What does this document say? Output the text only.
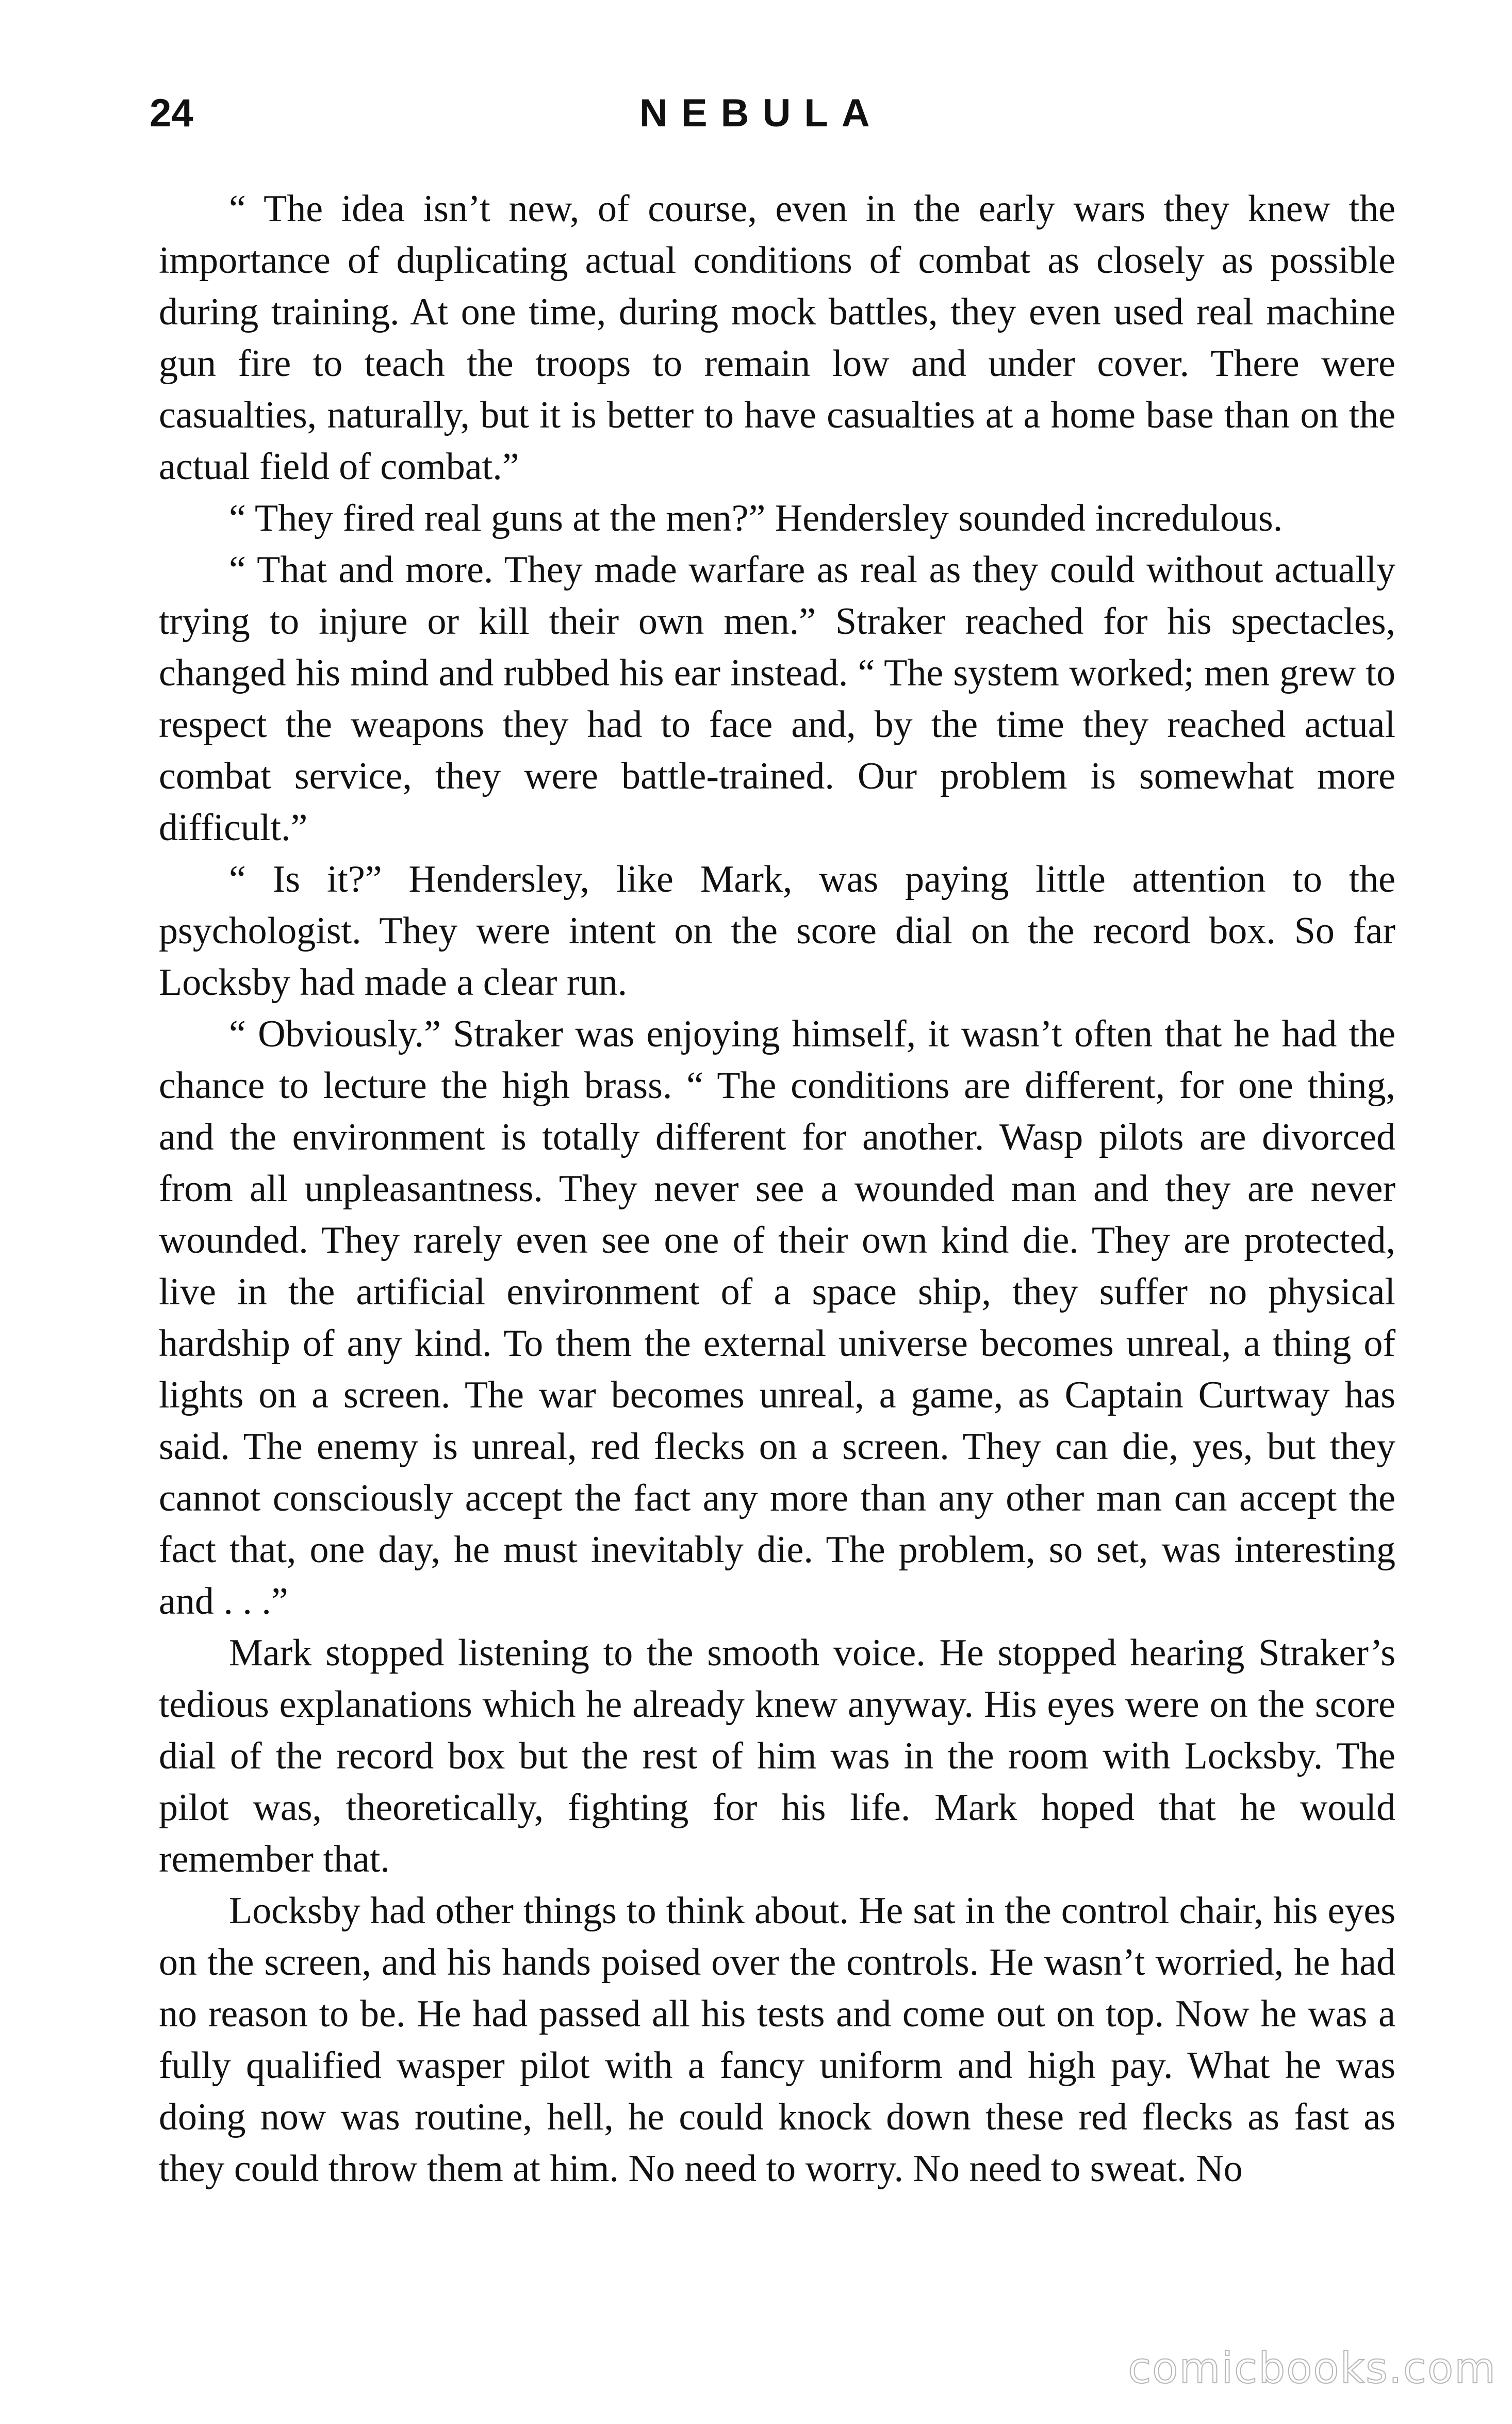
24	NEBULA

“ The idea isn’t new, of course, even in the early wars they knew the importance of duplicating actual conditions of combat as closely as possible during training. At one time, during mock battles, they even used real machine gun fire to teach the troops to remain low and under cover. There were casualties, naturally, but it is better to have casualties at a home base than on the actual field of combat.”

“ They fired real guns at the men?” Hendersley sounded incredulous.

“ That and more. They made warfare as real as they could without actually trying to injure or kill their own men.” Straker reached for his spectacles, changed his mind and rubbed his ear instead. “ The system worked; men grew to respect the weapons they had to face and, by the time they reached actual combat service, they were battle-trained. Our problem is somewhat more difficult.”

“ Is it?” Hendersley, like Mark, was paying little attention to the psychologist. They were intent on the score dial on the record box. So far Locksby had made a clear run.

“ Obviously.” Straker was enjoying himself, it wasn’t often that he had the chance to lecture the high brass. “ The conditions are different, for one thing, and the environment is totally different for another. Wasp pilots are divorced from all unpleasantness. They never see a wounded man and they are never wounded. They rarely even see one of their own kind die. They are protected, live in the artificial environment of a space ship, they suffer no physical hardship of any kind. To them the external universe becomes unreal, a thing of lights on a screen. The war becomes unreal, a game, as Captain Curtway has said. The enemy is unreal, red flecks on a screen. They can die, yes, but they cannot consciously accept the fact any more than any other man can accept the fact that, one day, he must inevitably die. The problem, so set, was interesting and . . .”

Mark stopped listening to the smooth voice. He stopped hearing Straker’s tedious explanations which he already knew anyway. His eyes were on the score dial of the record box but the rest of him was in the room with Locksby. The pilot was, theoretically, fighting for his life. Mark hoped that he would remember that.

Locksby had other things to think about. He sat in the control chair, his eyes on the screen, and his hands poised over the controls. He wasn’t worried, he had no reason to be. He had passed all his tests and come out on top. Now he was a fully qualified wasper pilot with a fancy uniform and high pay. What he was doing now was routine, hell, he could knock down these red flecks as fast as they could throw them at him. No need to worry. No need to sweat. No

comicbooks.com
